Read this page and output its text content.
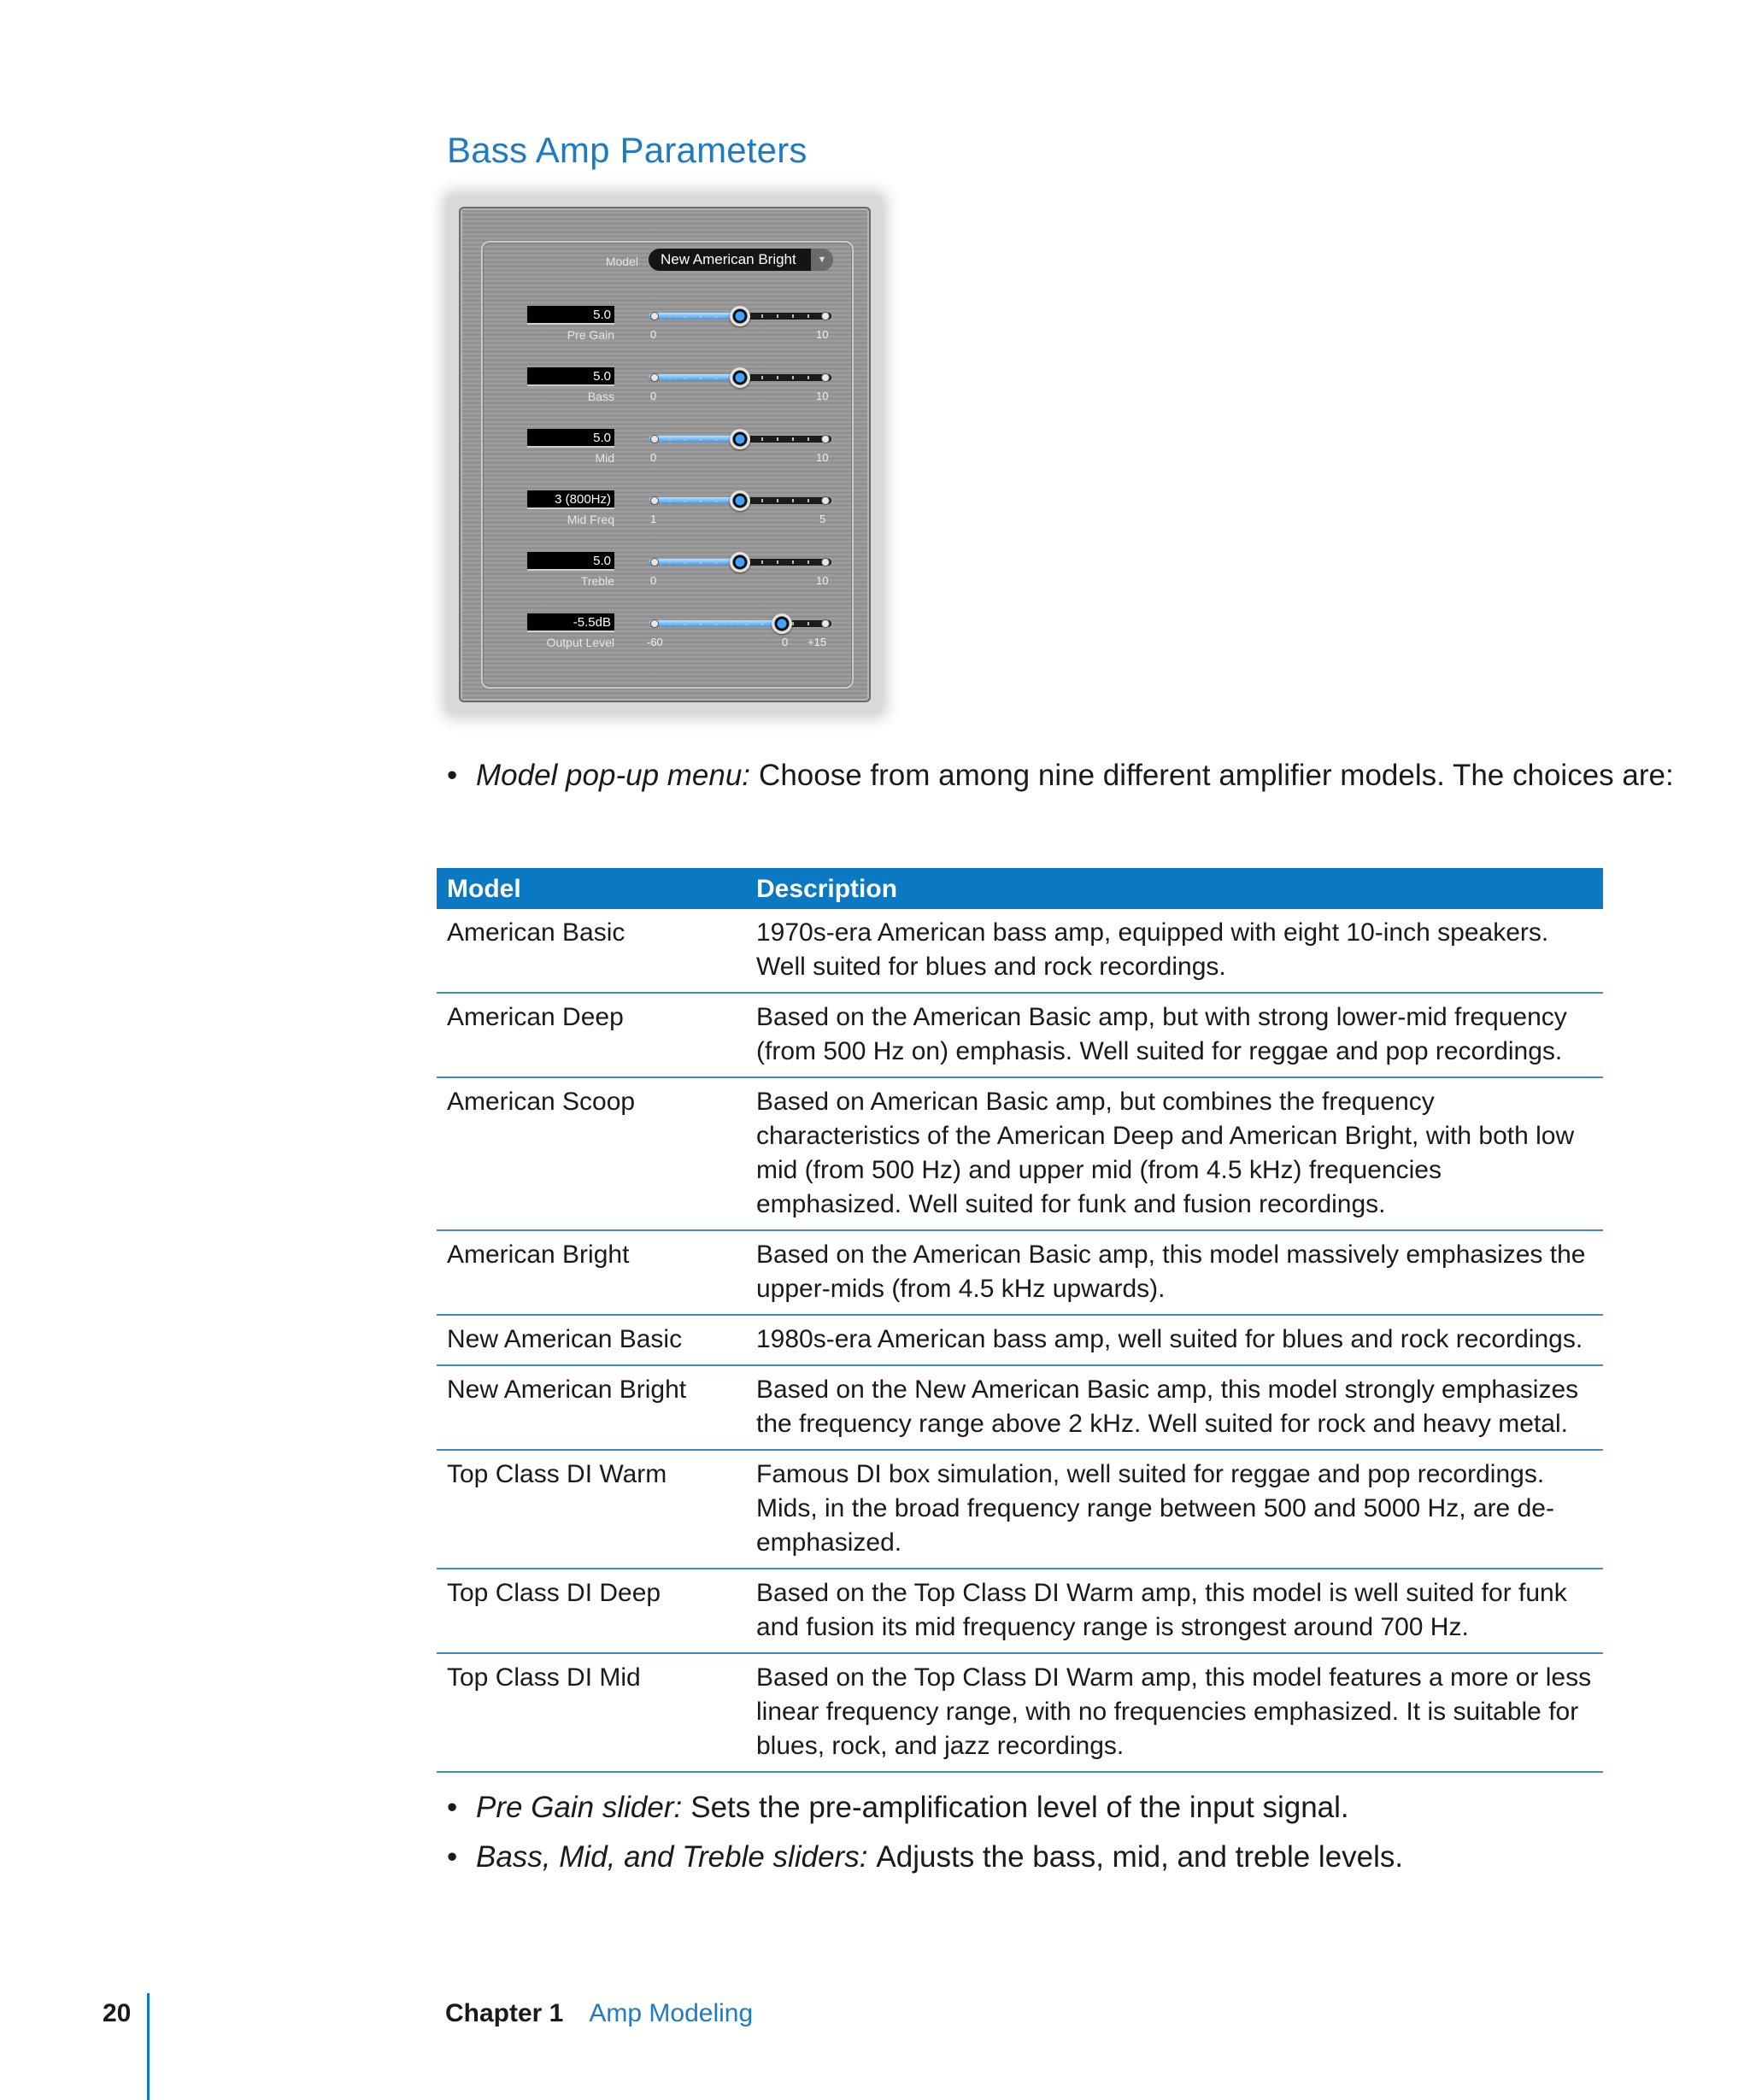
Bass Amp Parameters
Model	New American Bright	▼
5.0
Pre Gain	0	10
5.0
Bass	0	10
5.0
Mid	0	10
3 (800Hz)
Mid Freq	1	5
5.0
Treble	0	10
-5.5dB
Output Level	-60	0 +15
• Model pop-up menu: Choose from among nine different amplifier models. The choices are:
Model	Description
American Basic	1970s-era American bass amp, equipped with eight 10-inch speakers. Well suited for blues and rock recordings.
American Deep	Based on the American Basic amp, but with strong lower-mid frequency (from 500 Hz on) emphasis. Well suited for reggae and pop recordings.
American Scoop	Based on American Basic amp, but combines the frequency characteristics of the American Deep and American Bright, with both low mid (from 500 Hz) and upper mid (from 4.5 kHz) frequencies emphasized. Well suited for funk and fusion recordings.
American Bright	Based on the American Basic amp, this model massively emphasizes the upper-mids (from 4.5 kHz upwards).
New American Basic	1980s-era American bass amp, well suited for blues and rock recordings.
New American Bright	Based on the New American Basic amp, this model strongly emphasizes the frequency range above 2 kHz. Well suited for rock and heavy metal.
Top Class DI Warm	Famous DI box simulation, well suited for reggae and pop recordings. Mids, in the broad frequency range between 500 and 5000 Hz, are de-emphasized.
Top Class DI Deep	Based on the Top Class DI Warm amp, this model is well suited for funk and fusion its mid frequency range is strongest around 700 Hz.
Top Class DI Mid	Based on the Top Class DI Warm amp, this model features a more or less linear frequency range, with no frequencies emphasized. It is suitable for blues, rock, and jazz recordings.
• Pre Gain slider: Sets the pre-amplification level of the input signal.
• Bass, Mid, and Treble sliders: Adjusts the bass, mid, and treble levels.
20	Chapter 1 Amp Modeling
